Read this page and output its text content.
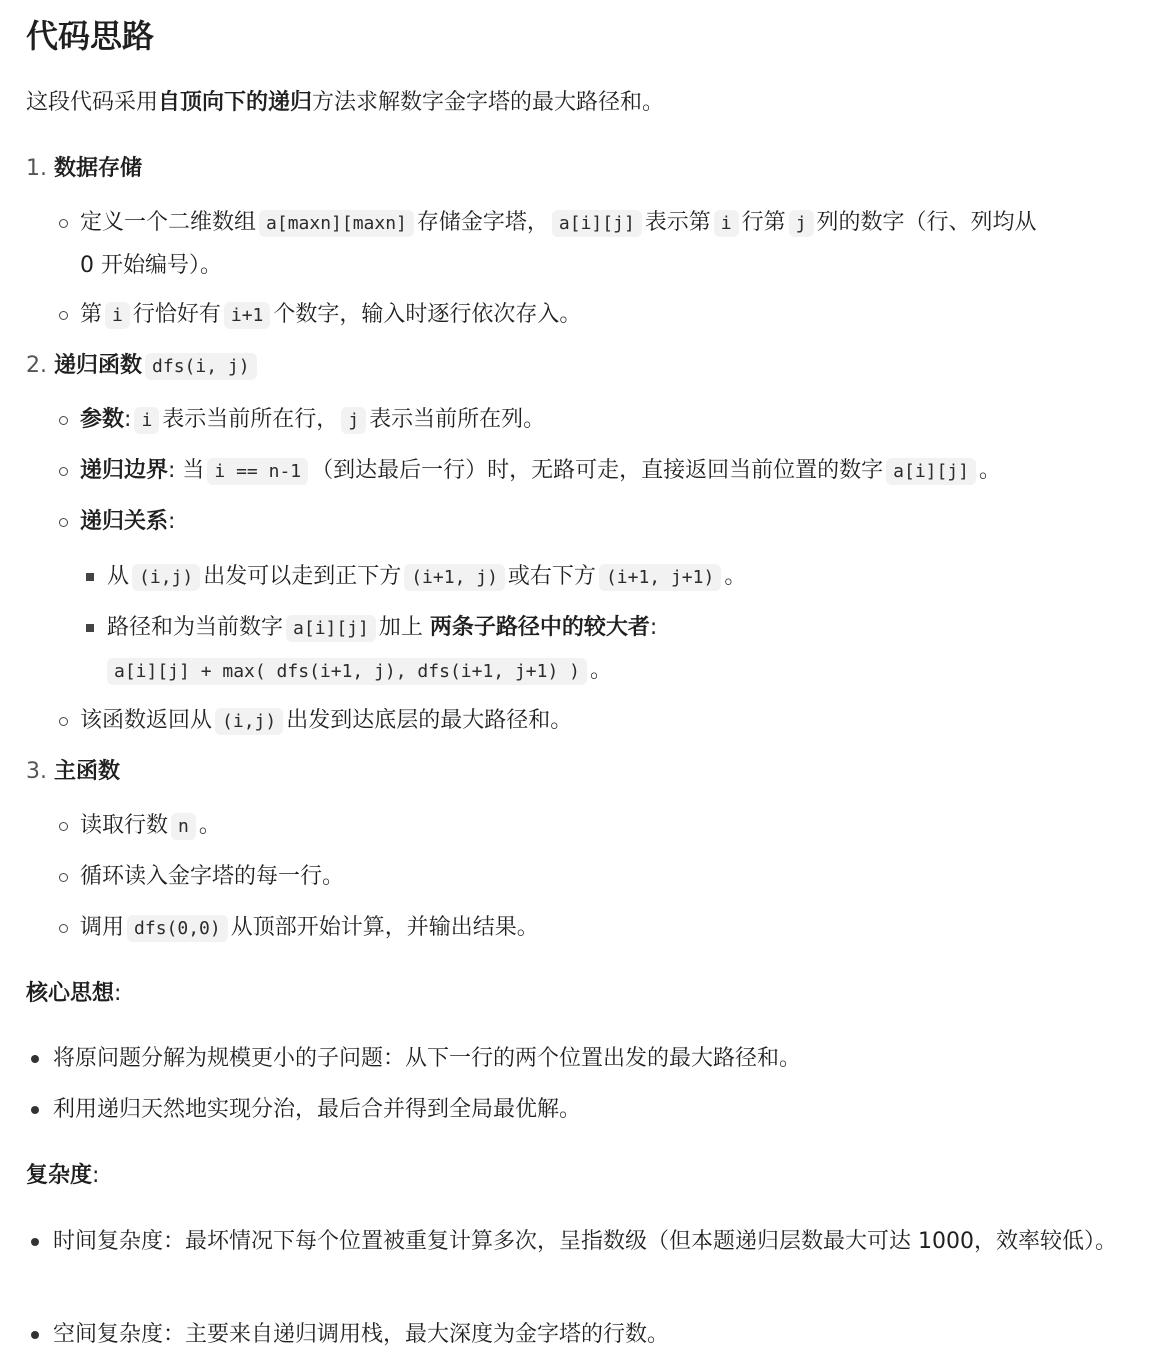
代码思路
这段代码采用自顶向下的递归方法求解数字金字塔的最大路径和。
1. 数据存储
定义一个二维数组 a[maxn][maxn] 存储金字塔， a[i][j] 表示第 i 行第 j 列的数字（行、列均从
0 开始编号）。
第 i 行恰好有 i+1 个数字，输入时逐行依次存入。
2. 递归函数 dfs(i, j)
参数: i 表示当前所在行， j 表示当前所在列。
递归边界: 当 i == n-1 （到达最后一行）时，无路可走，直接返回当前位置的数字 a[i][j] 。
递归关系:
从 (i,j) 出发可以走到正下方 (i+1, j) 或右下方 (i+1, j+1) 。
路径和为当前数字 a[i][j] 加上 两条子路径中的较大者:
a[i][j] + max( dfs(i+1, j), dfs(i+1, j+1) ) 。
该函数返回从 (i,j) 出发到达底层的最大路径和。
3. 主函数
读取行数 n 。
循环读入金字塔的每一行。
调用 dfs(0,0) 从顶部开始计算，并输出结果。
核心思想:
将原问题分解为规模更小的子问题：从下一行的两个位置出发的最大路径和。
利用递归天然地实现分治，最后合并得到全局最优解。
复杂度:
时间复杂度：最坏情况下每个位置被重复计算多次，呈指数级（但本题递归层数最大可达 1000，效率较低）。
空间复杂度：主要来自递归调用栈，最大深度为金字塔的行数。
